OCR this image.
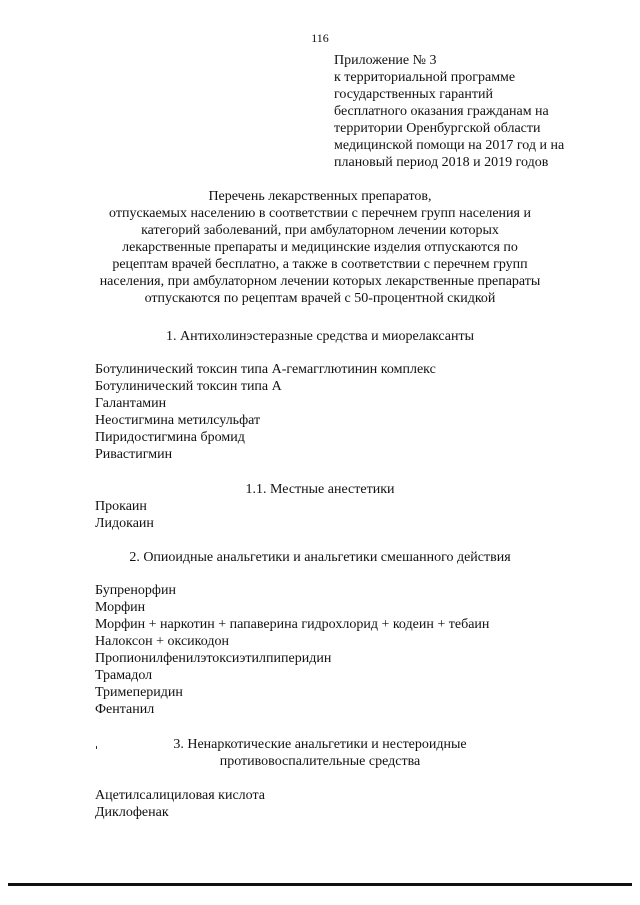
116
Приложение № 3
к территориальной программе
государственных гарантий
бесплатного оказания гражданам на
территории Оренбургской области
медицинской помощи на 2017 год и на
плановый период 2018 и 2019 годов
Перечень лекарственных препаратов,
отпускаемых населению в соответствии с перечнем групп населения и
категорий заболеваний, при амбулаторном лечении которых
лекарственные препараты и медицинские изделия отпускаются по
рецептам врачей бесплатно, а также в соответствии с перечнем групп
населения, при амбулаторном лечении которых лекарственные препараты
отпускаются по рецептам врачей с 50-процентной скидкой
1. Антихолинэстеразные средства и миорелаксанты
Ботулинический токсин типа А-гемагглютинин комплекс
Ботулинический токсин типа А
Галантамин
Неостигмина метилсульфат
Пиридостигмина бромид
Ривастигмин
1.1. Местные анестетики
Прокаин
Лидокаин
2. Опиоидные анальгетики и анальгетики смешанного действия
Бупренорфин
Морфин
Морфин + наркотин + папаверина гидрохлорид + кодеин + тебаин
Налоксон + оксикодон
Пропионилфенилэтоксиэтилпиперидин
Трамадол
Тримеперидин
Фентанил
3. Ненаркотические анальгетики и нестероидные
противовоспалительные средства
Ацетилсалициловая кислота
Диклофенак
